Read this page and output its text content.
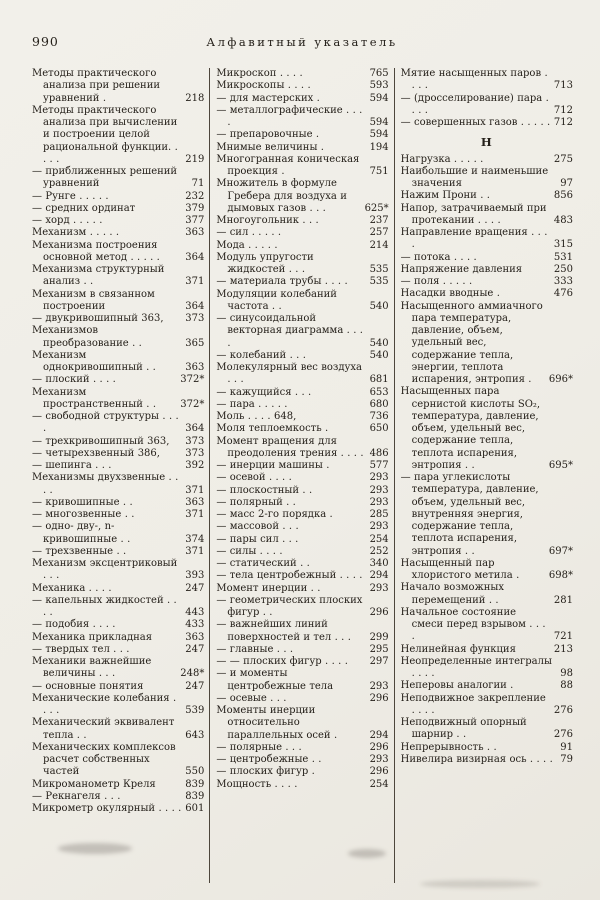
990	Алфавитный указатель
Методы практического анализа при решении уравнений .	218
Методы практического анализа при вычислении и построении целой рациональной функции. . . . .	219
— приближенных решений уравнений	71
— Рунге . . . . .	232
— средних ординат	379
— хорд . . . . .	377
Механизм . . . . .	363
Механизма построения основной метод . . . . .	364
Механизма структурный анализ . .	371
Механизм в связанном построении	364
— двукривошипный 363,	373
Механизмов преобразование . .	365
Механизм однокривошипный . .	363
— плоский . . . .	372*
Механизм пространственный . .	372*
— свободной структуры . . . .	364
— трехкривошипный 363,	373
— четырехзвенный 386,	373
— шепинга . . .	392
Механизмы двухзвенные . . . .	371
— кривошипные . .	363
— многозвенные . .	371
— одно- дву-, n-кривошипные . .	374
— трехзвенные . .	371
Механизм эксцентриковый . . .	393
Механика . . . .	247
— капельных жидкостей . . . .	443
— подобия . . . .	433
Механика прикладная	363
— твердых тел . . .	247
Механики важнейшие величины . . .	248*
— основные понятия	247
Механические колебания . . . .	539
Механический эквивалент тепла . .	643
Механических комплексов расчет собственных частей	550
Микроманометр Креля	839
— Рекнагеля . . .	839
Микрометр окулярный . . . . 601
Микроскоп . . . .	765
Микроскопы . . . .	593
— для мастерских .	594
— металлографические . . . .	594
— препаровочные .	594
Мнимые величины .	194
Многогранная коническая проекция .	751
Множитель в формуле Гребера для воздуха и дымовых газов . . .	625*
Многоугольник . . .	237
— сил . . . . .	257
Мода . . . . .	214
Модуль упругости жидкостей . . .	535
— материала трубы . . . .	535
Модуляции колебаний частота . .	540
— синусоидальной векторная диаграмма . . . .	540
— колебаний . . .	540
Молекулярный вес воздуха . . .	681
— кажущийся . . .	653
— пара . . . . .	680
Моль . . . . 648,	736
Моля теплоемкость .	650
Момент вращения для преодоления трения . . . . 486
— инерции машины .	577
— осевой . . . .	293
— плоскостный . .	293
— полярный . .	293
— масс 2-го порядка .	285
— массовой . . .	293
— пары сил . . .	254
— силы . . . .	252
— статический . .	340
— тела центробежный . . . . 294
Момент инерции . .	293
— геометрических плоских фигур . .	296
— важнейших линий поверхностей и тел . . .	299
— главные . . .	295
— — плоских фигур . . . .	297
— и моменты центробежные тела	293
— осевые . . .	296
Моменты инерции относительно параллельных осей .	294
— полярные . . .	296
— центробежные . .	293
— плоских фигур .	296
Мощность . . . .	254
Мятие насыщенных паров . . . .	713
— (дросселирование) пара . . . .	712
— совершенных газов . . . . . 712
Н
Нагрузка . . . . .	275
Наибольшие и наименьшие значения	97
Нажим Прони . .	856
Напор, затрачиваемый при протекании . . . .	483
Направление вращения . . . .	315
— потока . . . .	531
Напряжение давления	250
— поля . . . . .	333
Насадки вводные .	476
Насыщенного аммиачного пара температура, давление, объем, удельный вес, содержание тепла, энергии, теплота испарения, энтропия .	696*
Насыщенных пара сернистой кислоты SO₂, температура, давление, объем, удельный вес, содержание тепла, теплота испарения, энтропия . .	695*
— пара углекислоты температура, давление, объем, удельный вес, внутренняя энергия, содержание тепла, теплота испарения, энтропия . .	697*
Насыщенный пар хлористого метила .	698*
Начало возможных перемещений . .	281
Начальное состояние смеси перед взрывом . . . .	721
Нелинейная функция	213
Неопределенные интегралы . . . .	98
Неперовы аналогии .	88
Неподвижное закрепление . . . .	276
Неподвижный опорный шарнир . .	276
Непрерывность . .	91
Нивелира визирная ось . . . . 79
